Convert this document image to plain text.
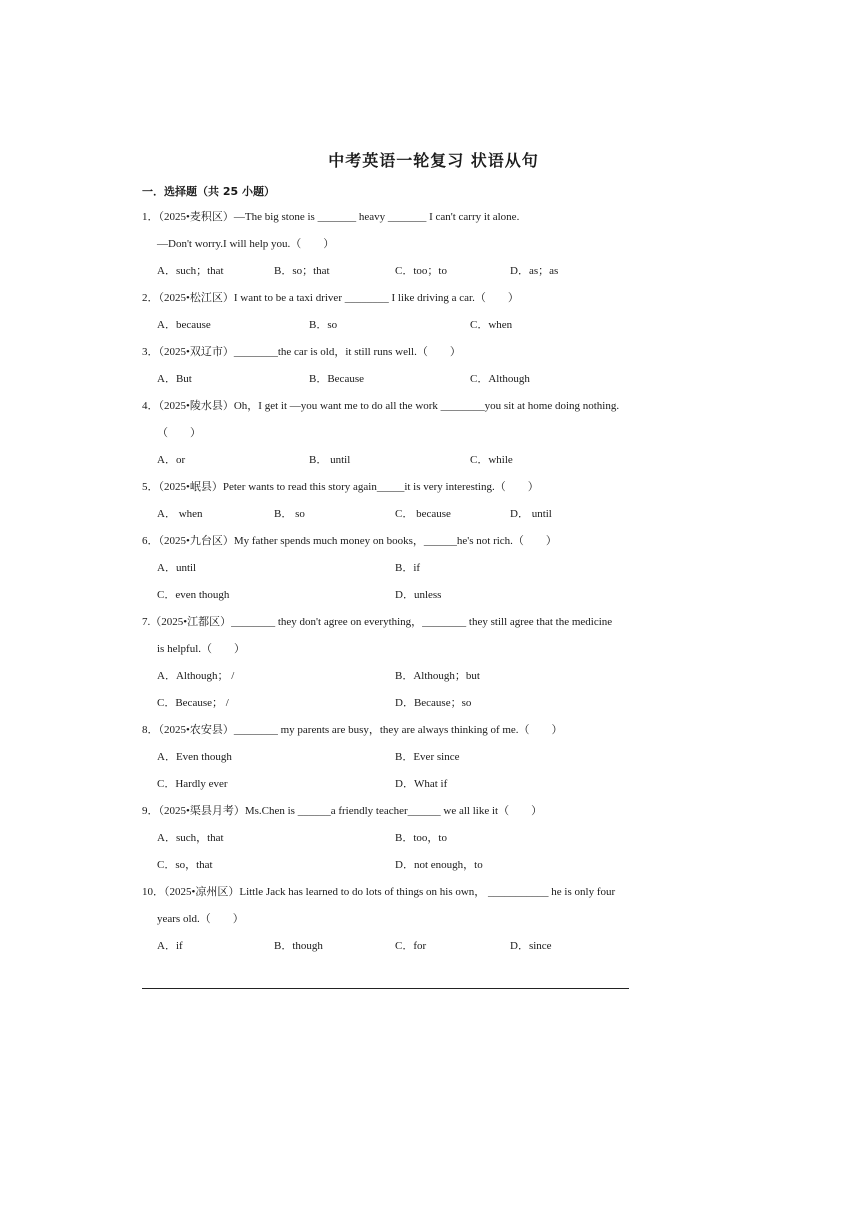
中考英语一轮复习 状语从句
一．选择题（共 25 小题）
1．（2025•麦积区）—The big stone is _______ heavy _______ I can't carry it alone.
—Don't worry.I will help you.（　　）
A．such；that	B．so；that	C．too；to	D．as；as
2．（2025•松江区）I want to be a taxi driver ________ I like driving a car.（　　）
A．because	B．so	C．when
3．（2025•双辽市）________the car is old，it still runs well.（　　）
A．But	B．Because	C．Although
4．（2025•陵水县）Oh，I get it —you want me to do all the work ________you sit at home doing nothing.
（　　）
A．or	B． until	C．while
5．（2025•岷县）Peter wants to read this story again_____it is very interesting.（　　）
A． when	B． so	C． because	D． until
6．（2025•九台区）My father spends much money on books，______he's not rich.（　　）
A．until	B．if
C．even though	D．unless
7.（2025•江都区）________ they don't agree on everything，________ they still agree that the medicine
is helpful.（　　）
A．Although； /	B．Although；but
C．Because； /	D．Because；so
8．（2025•农安县）________ my parents are busy，they are always thinking of me.（　　）
A．Even though	B．Ever since
C．Hardly ever	D．What if
9．（2025•渠县月考）Ms.Chen is ______a friendly teacher______ we all like it（　　）
A．such，that	B．too，to
C．so，that	D．not enough，to
10．（2025•凉州区）Little Jack has learned to do lots of things on his own， ___________ he is only four
years old.（　　）
A．if	B．though	C．for	D．since
